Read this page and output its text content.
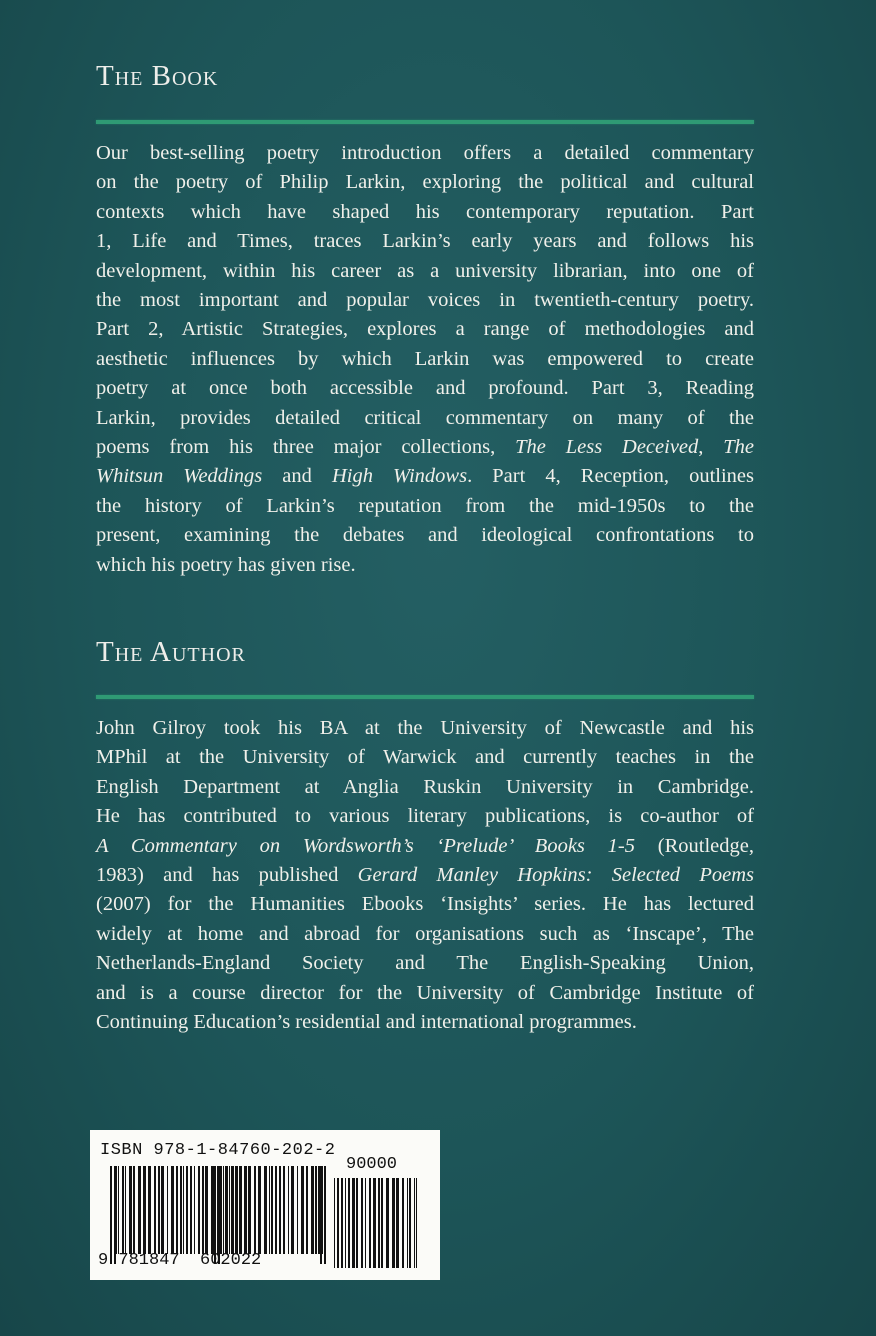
The Book
Our best-selling poetry introduction offers a detailed commentary
on the poetry of Philip Larkin, exploring the political and cultural
contexts which have shaped his contemporary reputation. Part
1, Life and Times, traces Larkin’s early years and follows his
development, within his career as a university librarian, into one of
the most important and popular voices in twentieth-century poetry.
Part 2, Artistic Strategies, explores a range of methodologies and
aesthetic influences by which Larkin was empowered to create
poetry at once both accessible and profound. Part 3, Reading
Larkin, provides detailed critical commentary on many of the
poems from his three major collections, The Less Deceived, The
Whitsun Weddings and High Windows. Part 4, Reception, outlines
the history of Larkin’s reputation from the mid-1950s to the
present, examining the debates and ideological confrontations to
which his poetry has given rise.
The Author
John Gilroy took his BA at the University of Newcastle and his
MPhil at the University of Warwick and currently teaches in the
English Department at Anglia Ruskin University in Cambridge.
He has contributed to various literary publications, is co-author of
A Commentary on Wordsworth’s ‘Prelude’ Books 1-5 (Routledge,
1983) and has published Gerard Manley Hopkins: Selected Poems
(2007) for the Humanities Ebooks ‘Insights’ series. He has lectured
widely at home and abroad for organisations such as ‘Inscape’, The
Netherlands-England Society and The English-Speaking Union,
and is a course director for the University of Cambridge Institute of
Continuing Education’s residential and international programmes.

ISBN 978-1-84760-202-2

90000

9 781847 602022
